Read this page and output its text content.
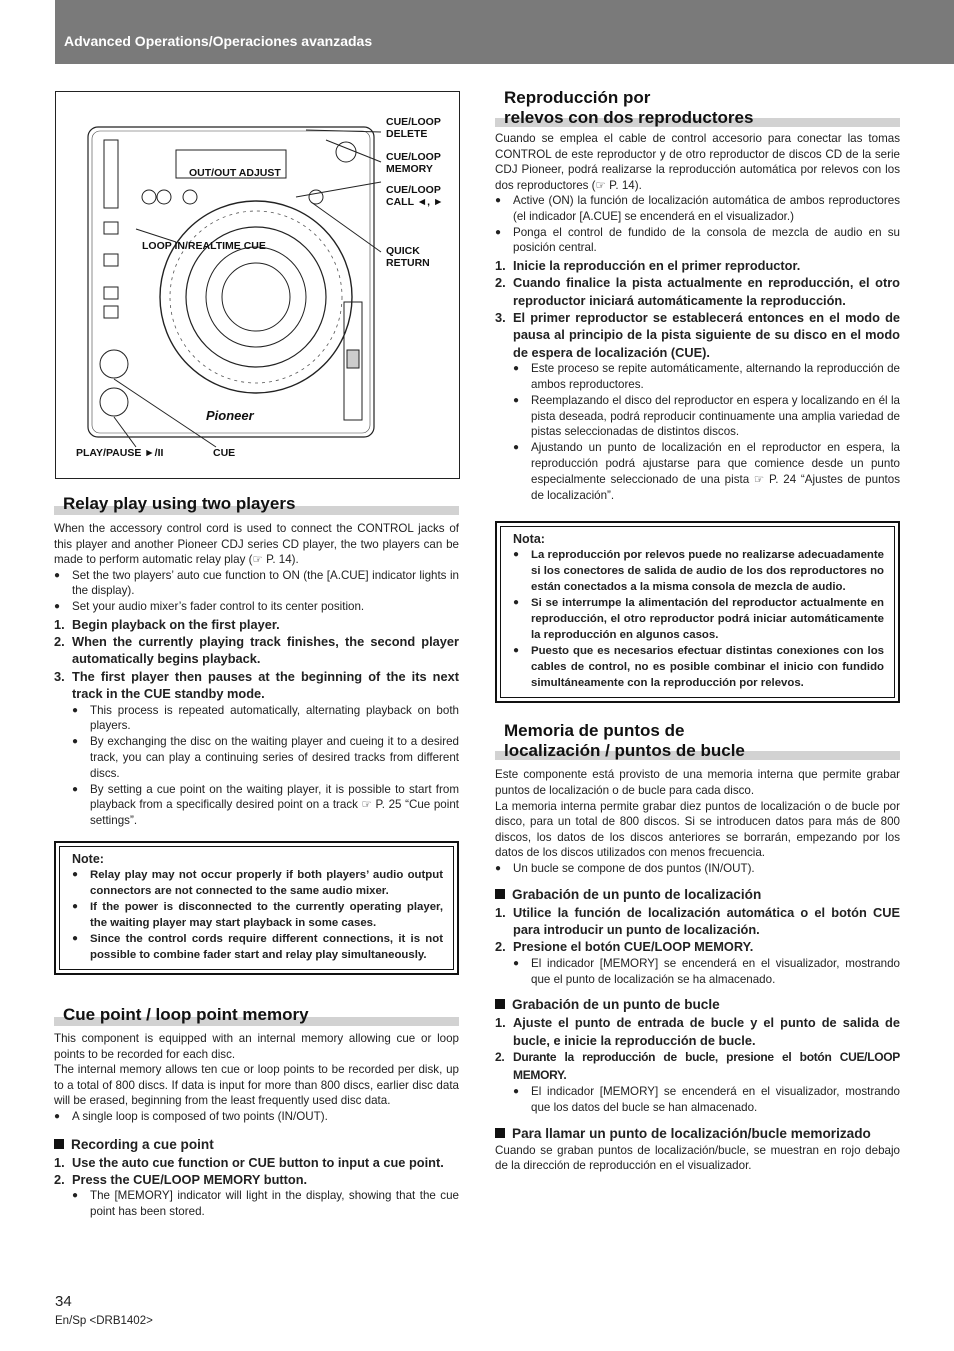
Advanced Operations/Operaciones avanzadas
CUE/LOOP DELETE
OUT/OUT ADJUST
CUE/LOOP MEMORY
CUE/LOOP CALL ◄, ►
LOOP IN/REALTIME CUE	QUICK RETURN
PLAY/PAUSE ►/II	CUE
Pioneer
Relay play using two players

When the accessory control cord is used to connect the CONTROL jacks of this player and another Pioneer CDJ series CD player, the two players can be made to perform automatic relay play (☞ P. 14).

● Set the two players’ auto cue function to ON (the [A.CUE] indicator lights in the display).
● Set your audio mixer’s fader control to its center position.
1. Begin playback on the first player.
2. When the currently playing track finishes, the second player automatically begins playback.
3. The first player then pauses at the beginning of the its next track in the CUE standby mode.
● This process is repeated automatically, alternating playback on both players.
● By exchanging the disc on the waiting player and cueing it to a desired track, you can play a continuing series of desired tracks from different discs.
● By setting a cue point on the waiting player, it is possible to start from playback from a specifically desired point on a track ☞ P. 25 “Cue point settings”.
Note:
● Relay play may not occur properly if both players’ audio output connectors are not connected to the same audio mixer.
● If the power is disconnected to the currently operating player, the waiting player may start playback in some cases.
● Since the control cords require different connections, it is not possible to combine fader start and relay play simultaneously.
Cue point / loop point memory

This component is equipped with an internal memory allowing cue or loop points to be recorded for each disc.

The internal memory allows ten cue or loop points to be recorded per disk, up to a total of 800 discs. If data is input for more than 800 discs, earlier disc data will be erased, beginning from the least frequently used disc data.

● A single loop is composed of two points (IN/OUT).
Recording a cue point
1. Use the auto cue function or CUE button to input a cue point.
2. Press the CUE/LOOP MEMORY button.
● The [MEMORY] indicator will light in the display, showing that the cue point has been stored.
Reproducción por
relevos con dos reproductores

Cuando se emplea el cable de control accesorio para conectar las tomas CONTROL de este reproductor y de otro reproductor de discos CD de la serie CDJ Pioneer, podrá realizarse la reproducción automática por relevos con los dos reproductores (☞ P. 14).

● Active (ON) la función de localización automática de ambos reproductores (el indicador [A.CUE] se encenderá en el visualizador.)
● Ponga el control de fundido de la consola de mezcla de audio en su posición central.
1. Inicie la reproducción en el primer reproductor.
2. Cuando finalice la pista actualmente en reproducción, el otro reproductor iniciará automáticamente la reproducción.
3. El primer reproductor se establecerá entonces en el modo de pausa al principio de la pista siguiente de su disco en el modo de espera de localización (CUE).
● Este proceso se repite automáticamente, alternando la reproducción de ambos reproductores.
● Reemplazando el disco del reproductor en espera y localizando en él la pista deseada, podrá reproducir continuamente una amplia variedad de pistas seleccionadas de distintos discos.
● Ajustando un punto de localización en el reproductor en espera, la reproducción podrá ajustarse para que comience desde un punto especialmente seleccionado de una pista ☞ P. 24 “Ajustes de puntos de localización”.
Nota:
● La reproducción por relevos puede no realizarse adecuadamente si los conectores de salida de audio de los dos reproductores no están conectados a la misma consola de mezcla de audio.
● Si se interrumpe la alimentación del reproductor actualmente en reproducción, el otro reproductor podrá iniciar automáticamente la reproducción en algunos casos.
● Puesto que es necesarios efectuar distintas conexiones con los cables de control, no es posible combinar el inicio con fundido simultáneamente con la reproducción por relevos.
Memoria de puntos de
localización / puntos de bucle

Este componente está provisto de una memoria interna que permite grabar puntos de localización o de bucle para cada disco.

La memoria interna permite grabar diez puntos de localización o de bucle por disco, para un total de 800 discos. Si se introducen datos para más de 800 discos, los datos de los discos anteriores se borrarán, empezando por los datos de los discos utilizados con menos frecuencia.

● Un bucle se compone de dos puntos (IN/OUT).
Grabación de un punto de localización
1. Utilice la función de localización automática o el botón CUE para introducir un punto de localización.
2. Presione el botón CUE/LOOP MEMORY.
● El indicador [MEMORY] se encenderá en el visualizador, mostrando que el punto de localización se ha almacenado.
Grabación de un punto de bucle
1. Ajuste el punto de entrada de bucle y el punto de salida de bucle, e inicie la reproducción de bucle.
2. Durante la reproducción de bucle, presione el botón CUE/LOOP MEMORY.
● El indicador [MEMORY] se encenderá en el visualizador, mostrando que los datos del bucle se han almacenado.
Para llamar un punto de localización/bucle memorizado

Cuando se graban puntos de localización/bucle, se muestran en rojo debajo de la dirección de reproducción en el visualizador.

34
En/Sp <DRB1402>
